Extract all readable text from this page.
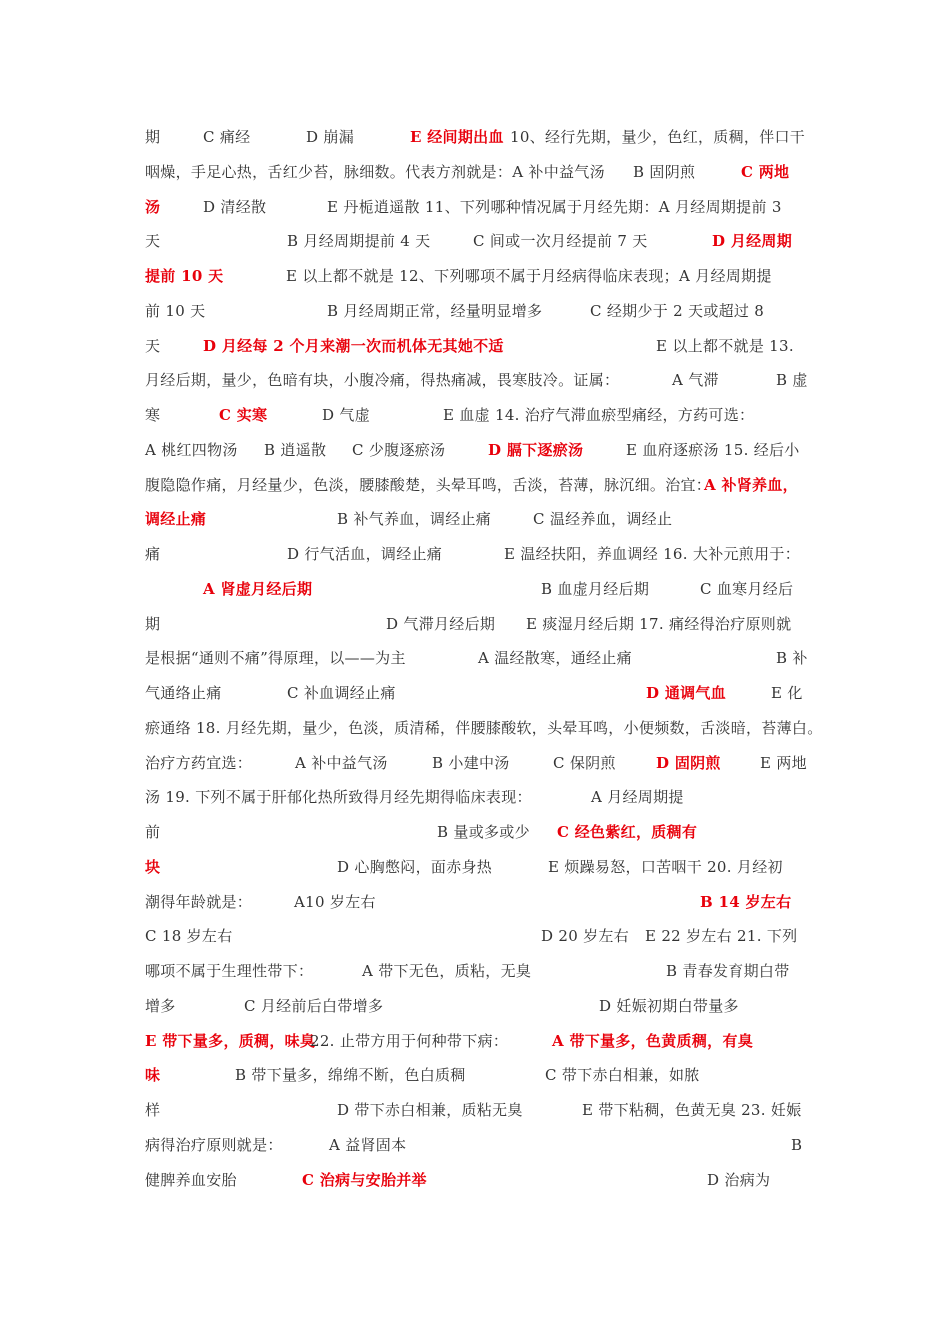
期	C 痛经	D 崩漏	E 经间期出血 10、经行先期，量少，色红，质稠，伴口干
咽燥，手足心热，舌红少苔，脉细数。代表方剂就是：A 补中益气汤 B 固阴煎	C 两地
汤	D 清经散	E 丹栀逍遥散 11、下列哪种情况属于月经先期：A 月经周期提前 3
天	B 月经周期提前 4 天	C 间或一次月经提前 7 天	D 月经周期
提前 10 天	E 以上都不就是 12、下列哪项不属于月经病得临床表现；A 月经周期提
前 10 天	B 月经周期正常，经量明显增多	C 经期少于 2 天或超过 8
天	D 月经每 2 个月来潮一次而机体无其她不适	E 以上都不就是 13.
月经后期，量少，色暗有块，小腹冷痛，得热痛减，畏寒肢冷。证属：	A 气滞	B 虚
寒	C 实寒	D 气虚	E 血虚 14. 治疗气滞血瘀型痛经，方药可选：
A 桃红四物汤 B 逍遥散 C 少腹逐瘀汤	D 膈下逐瘀汤	E 血府逐瘀汤 15. 经后小
腹隐隐作痛，月经量少，色淡，腰膝酸楚，头晕耳鸣，舌淡，苔薄，脉沉细。治宜：
A 补肾养血，
调经止痛	B 补气养血，调经止痛	C 温经养血，调经止
痛	D 行气活血，调经止痛	E 温经扶阳，养血调经 16. 大补元煎用于：
A 肾虚月经后期	B 血虚月经后期	C 血寒月经后
期	D 气滞月经后期 E 痰湿月经后期 17. 痛经得治疗原则就
是根据“通则不痛”得原理，以——为主	A 温经散寒，通经止痛	B 补
气通络止痛	C 补血调经止痛	D 通调气血	E 化
瘀通络 18. 月经先期，量少，色淡，质清稀，伴腰膝酸软，头晕耳鸣，小便频数，舌淡暗，苔薄白。
治疗方药宜选：	A 补中益气汤	B 小建中汤	C 保阴煎	D 固阴煎	E 两地
汤 19. 下列不属于肝郁化热所致得月经先期得临床表现：	A 月经周期提
前	B 量或多或少 C 经色紫红，质稠有
块	D 心胸憋闷，面赤身热	E 烦躁易怒，口苦咽干 20. 月经初
潮得年龄就是：	A10 岁左右	B 14 岁左右
C 18 岁左右	D 20 岁左右 E 22 岁左右 21. 下列
哪项不属于生理性带下：	A 带下无色，质粘，无臭	B 青春发育期白带
增多	C 月经前后白带增多	D 妊娠初期白带量多
E 带下量多，质稠，味臭
22. 止带方用于何种带下病：	A 带下量多，色黄质稠，有臭
味	B 带下量多，绵绵不断，色白质稠	C 带下赤白相兼，如脓
样	D 带下赤白相兼，质粘无臭	E 带下粘稠，色黄无臭 23. 妊娠
病得治疗原则就是：	A 益肾固本	B
健脾养血安胎	C 治病与安胎并举	D 治病为
